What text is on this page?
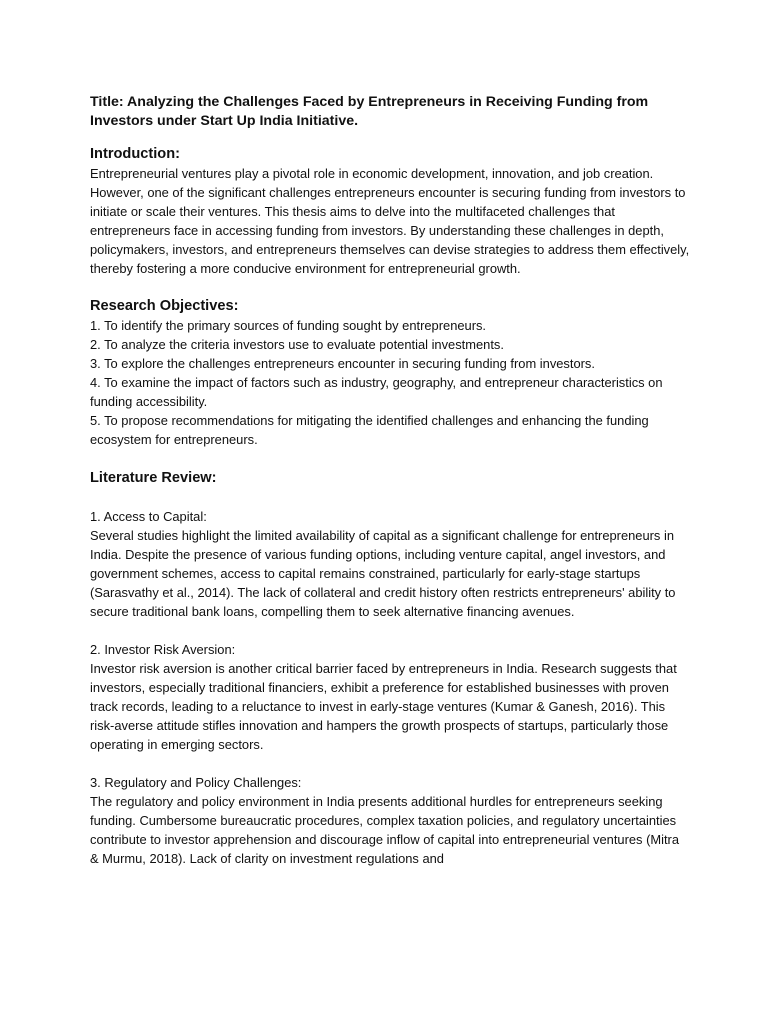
Title: Analyzing the Challenges Faced by Entrepreneurs in Receiving Funding from Investors under Start Up India Initiative.

Introduction:

Entrepreneurial ventures play a pivotal role in economic development, innovation, and job creation. However, one of the significant challenges entrepreneurs encounter is securing funding from investors to initiate or scale their ventures. This thesis aims to delve into the multifaceted challenges that entrepreneurs face in accessing funding from investors. By understanding these challenges in depth, policymakers, investors, and entrepreneurs themselves can devise strategies to address them effectively, thereby fostering a more conducive environment for entrepreneurial growth.

Research Objectives:

1. To identify the primary sources of funding sought by entrepreneurs.

2. To analyze the criteria investors use to evaluate potential investments.

3. To explore the challenges entrepreneurs encounter in securing funding from investors.

4. To examine the impact of factors such as industry, geography, and entrepreneur characteristics on funding accessibility.

5. To propose recommendations for mitigating the identified challenges and enhancing the funding ecosystem for entrepreneurs.

Literature Review:

1. Access to Capital:

Several studies highlight the limited availability of capital as a significant challenge for entrepreneurs in India. Despite the presence of various funding options, including venture capital, angel investors, and government schemes, access to capital remains constrained, particularly for early-stage startups (Sarasvathy et al., 2014). The lack of collateral and credit history often restricts entrepreneurs' ability to secure traditional bank loans, compelling them to seek alternative financing avenues.

2. Investor Risk Aversion:

Investor risk aversion is another critical barrier faced by entrepreneurs in India. Research suggests that investors, especially traditional financiers, exhibit a preference for established businesses with proven track records, leading to a reluctance to invest in early-stage ventures (Kumar & Ganesh, 2016). This risk-averse attitude stifles innovation and hampers the growth prospects of startups, particularly those operating in emerging sectors.

3. Regulatory and Policy Challenges:

The regulatory and policy environment in India presents additional hurdles for entrepreneurs seeking funding. Cumbersome bureaucratic procedures, complex taxation policies, and regulatory uncertainties contribute to investor apprehension and discourage inflow of capital into entrepreneurial ventures (Mitra & Murmu, 2018). Lack of clarity on investment regulations and
